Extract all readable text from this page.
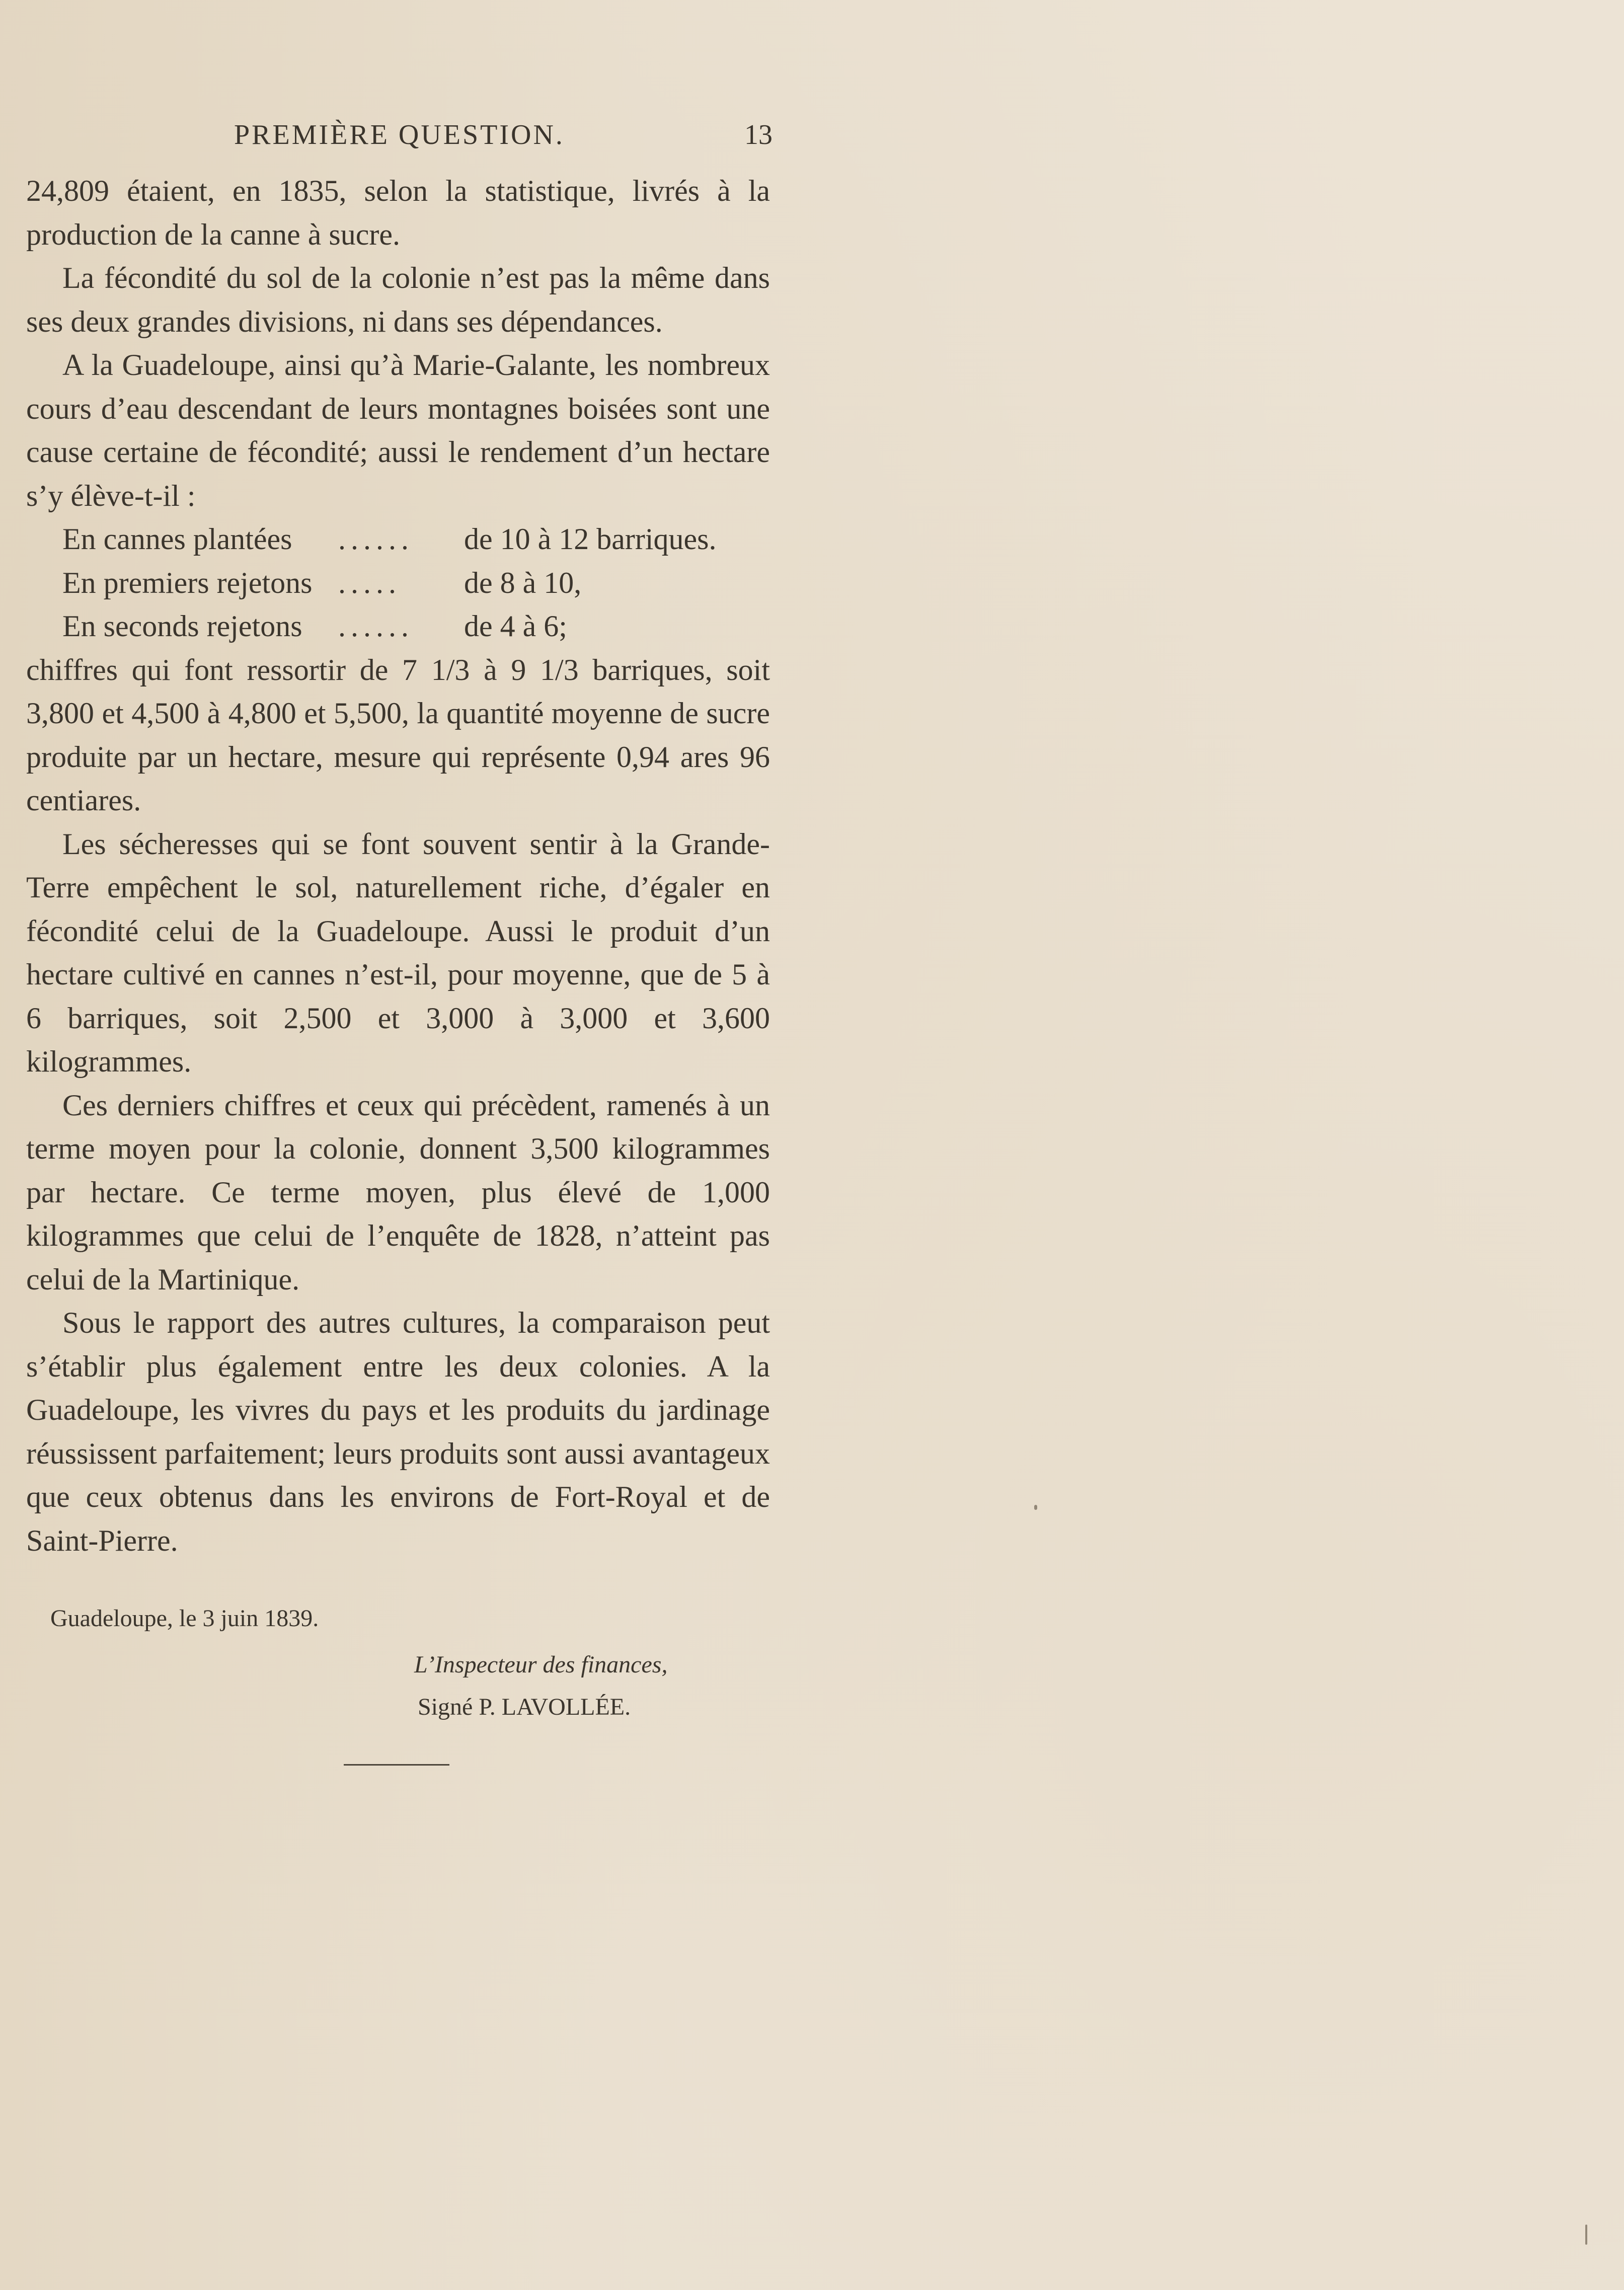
PREMIÈRE QUESTION.	13

24,809 étaient, en 1835, selon la statistique, livrés à la production de la canne à sucre.

La fécondité du sol de la colonie n’est pas la même dans ses deux grandes divisions, ni dans ses dépendances.

A la Guadeloupe, ainsi qu’à Marie-Galante, les nombreux cours d’eau descendant de leurs montagnes boisées sont une cause certaine de fécondité; aussi le rendement d’un hectare s’y élève-t-il :

En cannes plantées ...... de 10 à 12 barriques.
En premiers rejetons ..... de 8 à 10,
En seconds rejetons ...... de 4 à 6;

chiffres qui font ressortir de 7 1/3 à 9 1/3 barriques, soit 3,800 et 4,500 à 4,800 et 5,500, la quantité moyenne de sucre produite par un hectare, mesure qui représente 0,94 ares 96 centiares.

Les sécheresses qui se font souvent sentir à la Grande-Terre empêchent le sol, naturellement riche, d’égaler en fécondité celui de la Guadeloupe. Aussi le produit d’un hectare cultivé en cannes n’est-il, pour moyenne, que de 5 à 6 barriques, soit 2,500 et 3,000 à 3,000 et 3,600 kilogrammes.

Ces derniers chiffres et ceux qui précèdent, ramenés à un terme moyen pour la colonie, donnent 3,500 kilogrammes par hectare. Ce terme moyen, plus élevé de 1,000 kilogrammes que celui de l’enquête de 1828, n’atteint pas celui de la Martinique.

Sous le rapport des autres cultures, la comparaison peut s’établir plus également entre les deux colonies. A la Guadeloupe, les vivres du pays et les produits du jardinage réussissent parfaitement; leurs produits sont aussi avantageux que ceux obtenus dans les environs de Fort-Royal et de Saint-Pierre.

Guadeloupe, le 3 juin 1839.
L’Inspecteur des finances,
Signé P. LAVOLLÉE.
